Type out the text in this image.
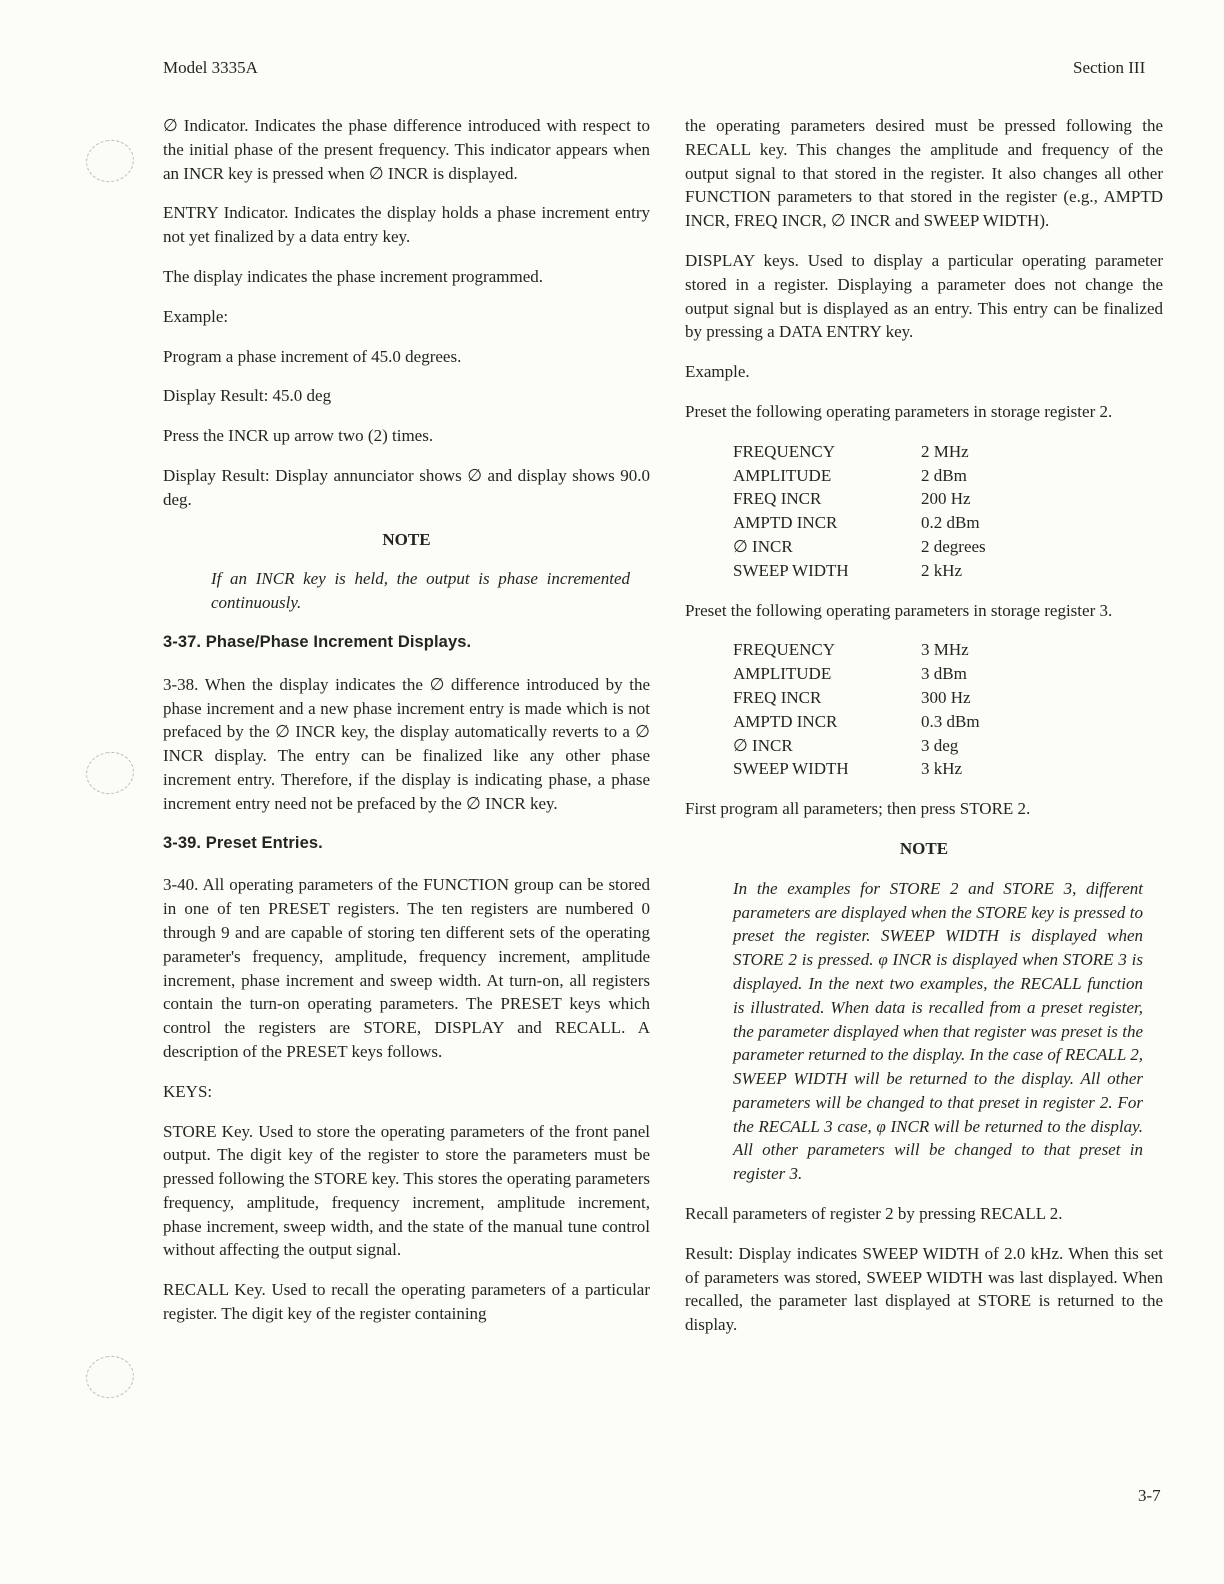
Model 3335A	Section III

∅ Indicator. Indicates the phase difference introduced with respect to the initial phase of the present frequency. This indicator appears when an INCR key is pressed when ∅ INCR is displayed.

ENTRY Indicator. Indicates the display holds a phase increment entry not yet finalized by a data entry key.

The display indicates the phase increment programmed.

Example:

Program a phase increment of 45.0 degrees.

Display Result: 45.0 deg

Press the INCR up arrow two (2) times.

Display Result: Display annunciator shows ∅ and display shows 90.0 deg.

NOTE
If an INCR key is held, the output is phase incremented continuously.
3-37. Phase/Phase Increment Displays.

3-38. When the display indicates the ∅ difference introduced by the phase increment and a new phase increment entry is made which is not prefaced by the ∅ INCR key, the display automatically reverts to a ∅ INCR display. The entry can be finalized like any other phase increment entry. Therefore, if the display is indicating phase, a phase increment entry need not be prefaced by the ∅ INCR key.

3-39. Preset Entries.

3-40. All operating parameters of the FUNCTION group can be stored in one of ten PRESET registers. The ten registers are numbered 0 through 9 and are capable of storing ten different sets of the operating parameter's frequency, amplitude, frequency increment, amplitude increment, phase increment and sweep width. At turn-on, all registers contain the turn-on operating parameters. The PRESET keys which control the registers are STORE, DISPLAY and RECALL. A description of the PRESET keys follows.

KEYS:

STORE Key. Used to store the operating parameters of the front panel output. The digit key of the register to store the parameters must be pressed following the STORE key. This stores the operating parameters frequency, amplitude, frequency increment, amplitude increment, phase increment, sweep width, and the state of the manual tune control without affecting the output signal.

RECALL Key. Used to recall the operating parameters of a particular register. The digit key of the register containing

the operating parameters desired must be pressed following the RECALL key. This changes the amplitude and frequency of the output signal to that stored in the register. It also changes all other FUNCTION parameters to that stored in the register (e.g., AMPTD INCR, FREQ INCR, ∅ INCR and SWEEP WIDTH).

DISPLAY keys. Used to display a particular operating parameter stored in a register. Displaying a parameter does not change the output signal but is displayed as an entry. This entry can be finalized by pressing a DATA ENTRY key.

Example.

Preset the following operating parameters in storage register 2.

FREQUENCY	2 MHz
AMPLITUDE	2 dBm
FREQ INCR	200 Hz
AMPTD INCR	0.2 dBm
∅ INCR	2 degrees
SWEEP WIDTH	2 kHz

Preset the following operating parameters in storage register 3.

FREQUENCY	3 MHz
AMPLITUDE	3 dBm
FREQ INCR	300 Hz
AMPTD INCR	0.3 dBm
∅ INCR	3 deg
SWEEP WIDTH	3 kHz

First program all parameters; then press STORE 2.

NOTE
In the examples for STORE 2 and STORE 3, different parameters are displayed when the STORE key is pressed to preset the register. SWEEP WIDTH is displayed when STORE 2 is pressed. φ INCR is displayed when STORE 3 is displayed. In the next two examples, the RECALL function is illustrated. When data is recalled from a preset register, the parameter displayed when that register was preset is the parameter returned to the display. In the case of RECALL 2, SWEEP WIDTH will be returned to the display. All other parameters will be changed to that preset in register 2. For the RECALL 3 case, φ INCR will be returned to the display. All other parameters will be changed to that preset in register 3.

Recall parameters of register 2 by pressing RECALL 2.

Result: Display indicates SWEEP WIDTH of 2.0 kHz. When this set of parameters was stored, SWEEP WIDTH was last displayed. When recalled, the parameter last displayed at STORE is returned to the display.

3-7
